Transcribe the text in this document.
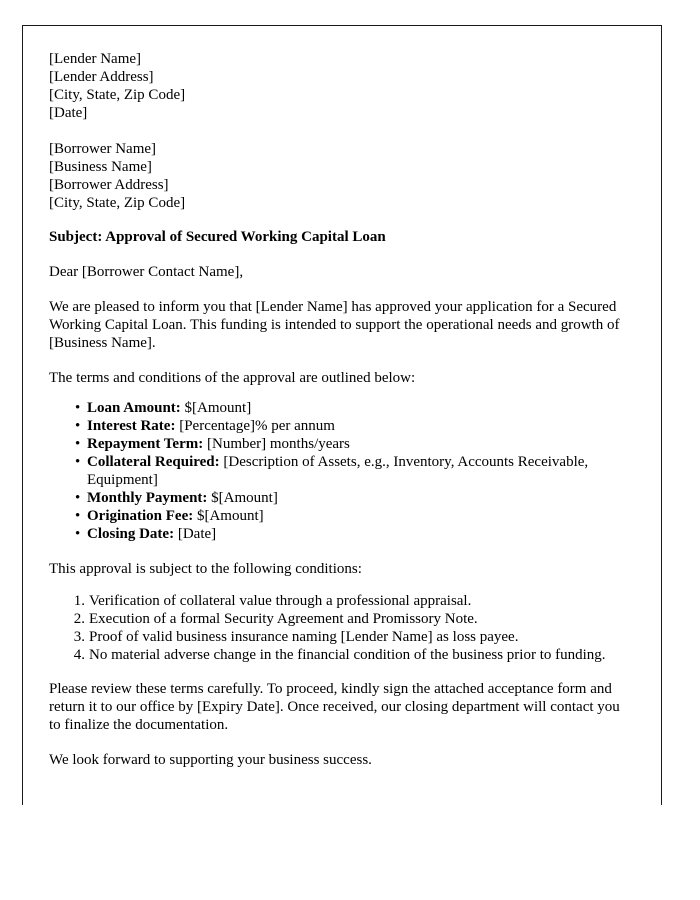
[Lender Name]
[Lender Address]
[City, State, Zip Code]
[Date]
[Borrower Name]
[Business Name]
[Borrower Address]
[City, State, Zip Code]
Subject: Approval of Secured Working Capital Loan
Dear [Borrower Contact Name],
We are pleased to inform you that [Lender Name] has approved your application for a Secured Working Capital Loan. This funding is intended to support the operational needs and growth of [Business Name].
The terms and conditions of the approval are outlined below:
• Loan Amount: $[Amount]
• Interest Rate: [Percentage]% per annum
• Repayment Term: [Number] months/years
• Collateral Required: [Description of Assets, e.g., Inventory, Accounts Receivable, Equipment]
• Monthly Payment: $[Amount]
• Origination Fee: $[Amount]
• Closing Date: [Date]
This approval is subject to the following conditions:
Verification of collateral value through a professional appraisal.
Execution of a formal Security Agreement and Promissory Note.
Proof of valid business insurance naming [Lender Name] as loss payee.
No material adverse change in the financial condition of the business prior to funding.
Please review these terms carefully. To proceed, kindly sign the attached acceptance form and return it to our office by [Expiry Date]. Once received, our closing department will contact you to finalize the documentation.
We look forward to supporting your business success.
